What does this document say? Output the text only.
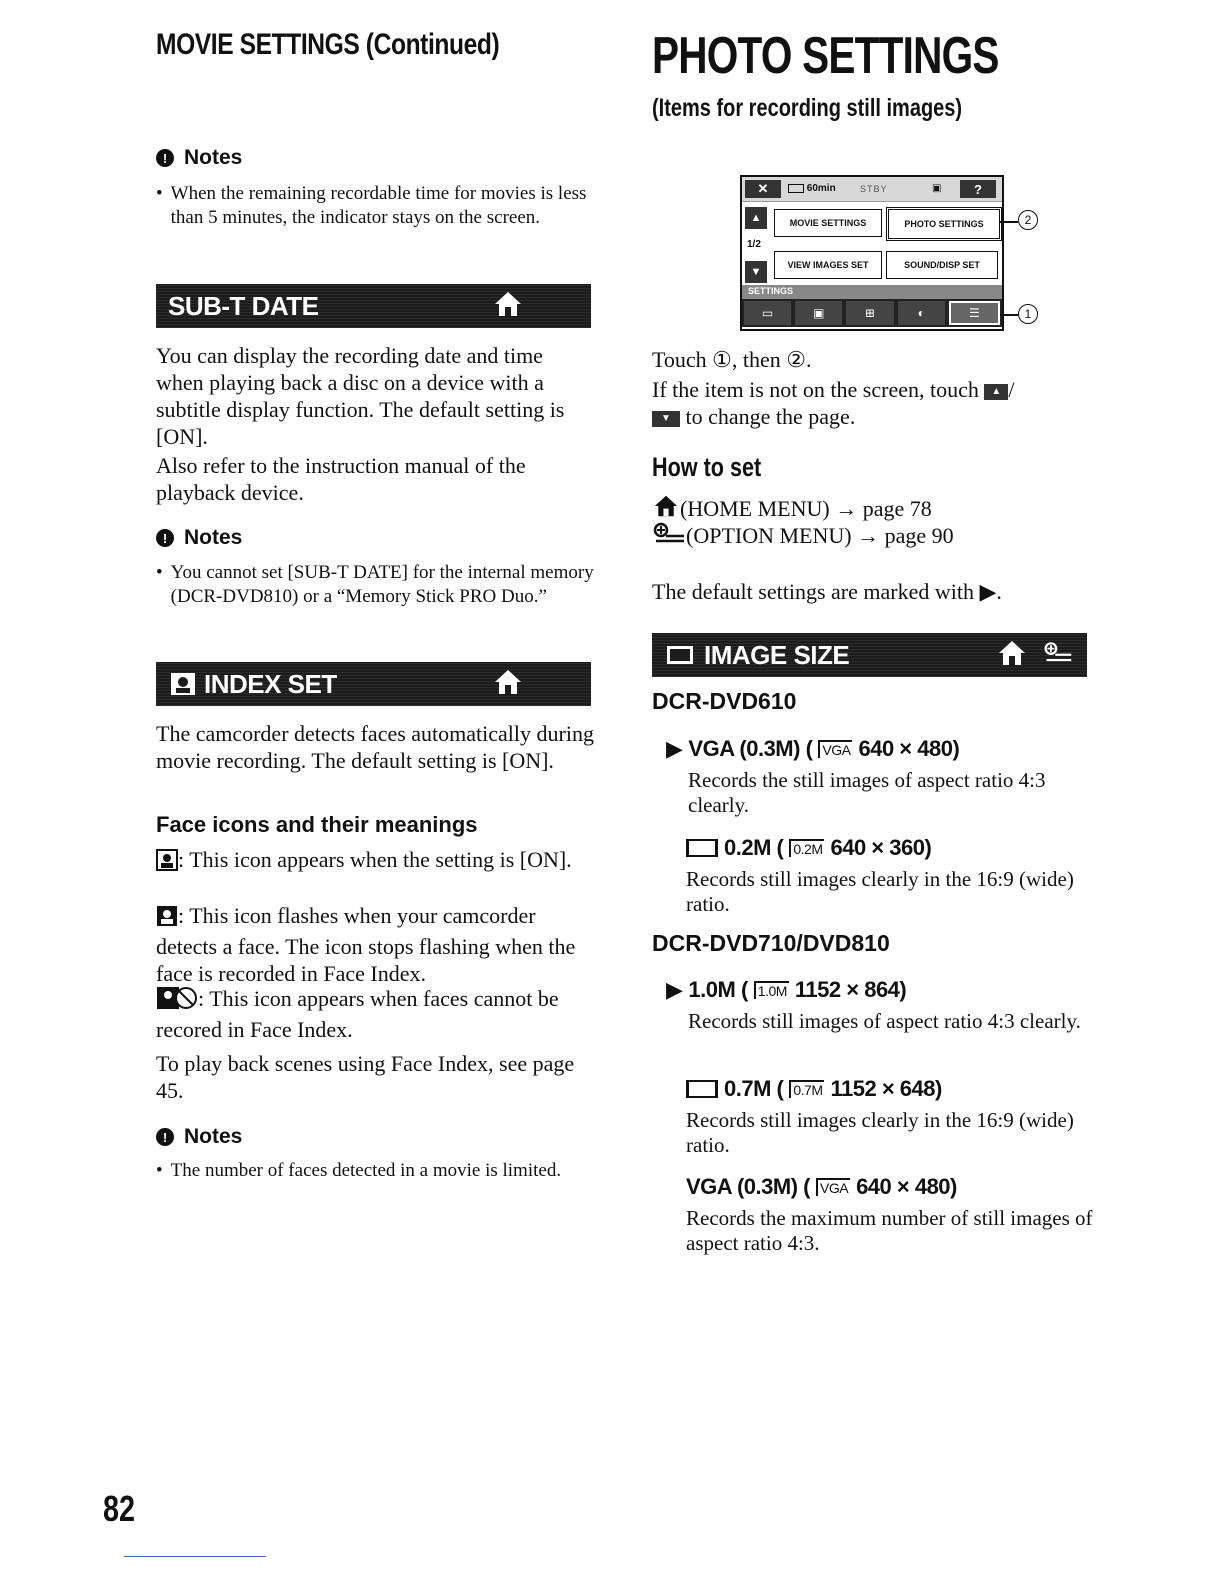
MOVIE SETTINGS (Continued)
! Notes
• When the remaining recordable time for movies is less than 5 minutes, the indicator stays on the screen.
SUB-T DATE
You can display the recording date and time when playing back a disc on a device with a subtitle display function. The default setting is [ON].
Also refer to the instruction manual of the playback device.
! Notes
• You cannot set [SUB-T DATE] for the internal memory (DCR-DVD810) or a “Memory Stick PRO Duo.”
INDEX SET
The camcorder detects faces automatically during movie recording. The default setting is [ON].
Face icons and their meanings
: This icon appears when the setting is [ON].
: This icon flashes when your camcorder detects a face. The icon stops flashing when the face is recorded in Face Index.
: This icon appears when faces cannot be recored in Face Index.
To play back scenes using Face Index, see page 45.
! Notes
• The number of faces detected in a movie is limited.
82
PHOTO SETTINGS
(Items for recording still images)
✕	60min	STBY	▣	?
▲
1/2
▼
MOVIE SETTINGS	PHOTO SETTINGS
VIEW IMAGES SET	SOUND/DISP SET
SETTINGS
▭	▣	⊞	◐	☰
2
1
Touch ①, then ②.
If the item is not on the screen, touch ▲ /
▼ to change the page.
How to set
(HOME MENU) → page 78
(OPTION MENU) → page 90
The default settings are marked with ▶.
IMAGE SIZE
DCR-DVD610
▶ VGA (0.3M) ( VGA 640 × 480)
Records the still images of aspect ratio 4:3 clearly.
0.2M ( 0.2M 640 × 360)
Records still images clearly in the 16:9 (wide) ratio.
DCR-DVD710/DVD810
▶ 1.0M ( 1.0M 1152 × 864)
Records still images of aspect ratio 4:3 clearly.
0.7M ( 0.7M 1152 × 648)
Records still images clearly in the 16:9 (wide) ratio.
VGA (0.3M) ( VGA 640 × 480)
Records the maximum number of still images of aspect ratio 4:3.
